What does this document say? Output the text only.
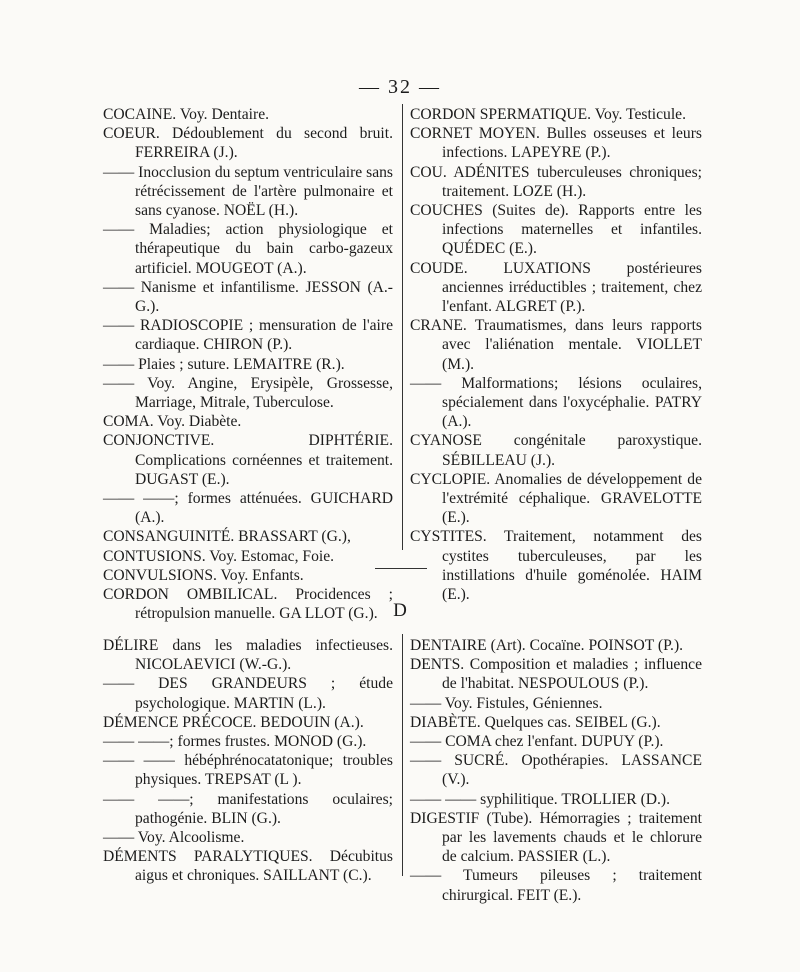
— 32 —

COCAINE. Voy. Dentaire.

COEUR. Dédoublement du second bruit. FERREIRA (J.).

—— Inocclusion du septum ventriculaire sans rétrécissement de l'artère pulmonaire et sans cyanose. NOËL (H.).

—— Maladies; action physiologique et thérapeutique du bain carbo-gazeux artificiel. MOUGEOT (A.).

—— Nanisme et infantilisme. JESSON (A.-G.).

—— RADIOSCOPIE ; mensuration de l'aire cardiaque. CHIRON (P.).

—— Plaies ; suture. LEMAITRE (R.).

—— Voy. Angine, Erysipèle, Grossesse, Marriage, Mitrale, Tuberculose.

COMA. Voy. Diabète.

CONJONCTIVE. DIPHTÉRIE. Complications cornéennes et traitement. DUGAST (E.).

—— ——; formes atténuées. GUICHARD (A.).

CONSANGUINITÉ. BRASSART (G.),

CONTUSIONS. Voy. Estomac, Foie.

CONVULSIONS. Voy. Enfants.

CORDON OMBILICAL. Procidences ; rétropulsion manuelle. GA LLOT (G.).

CORDON SPERMATIQUE. Voy. Testicule.

CORNET MOYEN. Bulles osseuses et leurs infections. LAPEYRE (P.).

COU. ADÉNITES tuberculeuses chroniques; traitement. LOZE (H.).

COUCHES (Suites de). Rapports entre les infections maternelles et infantiles. QUÉDEC (E.).

COUDE. LUXATIONS postérieures anciennes irréductibles ; traitement, chez l'enfant. ALGRET (P.).

CRANE. Traumatismes, dans leurs rapports avec l'aliénation mentale. VIOLLET (M.).

—— Malformations; lésions oculaires, spécialement dans l'oxycéphalie. PATRY (A.).

CYANOSE congénitale paroxystique. SÉBILLEAU (J.).

CYCLOPIE. Anomalies de développement de l'extrémité céphalique. GRAVELOTTE (E.).

CYSTITES. Traitement, notamment des cystites tuberculeuses, par les instillations d'huile goménolée. HAIM (E.).

D

DÉLIRE dans les maladies infectieuses. NICOLAEVICI (W.-G.).

—— DES GRANDEURS ; étude psychologique. MARTIN (L.).

DÉMENCE PRÉCOCE. BEDOUIN (A.).

—— ——; formes frustes. MONOD (G.).

—— —— hébéphrénocatatonique; troubles physiques. TREPSAT (L ).

—— ——; manifestations oculaires; pathogénie. BLIN (G.).

—— Voy. Alcoolisme.

DÉMENTS PARALYTIQUES. Décubitus aigus et chroniques. SAILLANT (C.).

DENTAIRE (Art). Cocaïne. POINSOT (P.).

DENTS. Composition et maladies ; influence de l'habitat. NESPOULOUS (P.).

—— Voy. Fistules, Géniennes.

DIABÈTE. Quelques cas. SEIBEL (G.).

—— COMA chez l'enfant. DUPUY (P.).

—— SUCRÉ. Opothérapies. LASSANCE (V.).

—— —— syphilitique. TROLLIER (D.).

DIGESTIF (Tube). Hémorragies ; traitement par les lavements chauds et le chlorure de calcium. PASSIER (L.).

—— Tumeurs pileuses ; traitement chirurgical. FEIT (E.).
